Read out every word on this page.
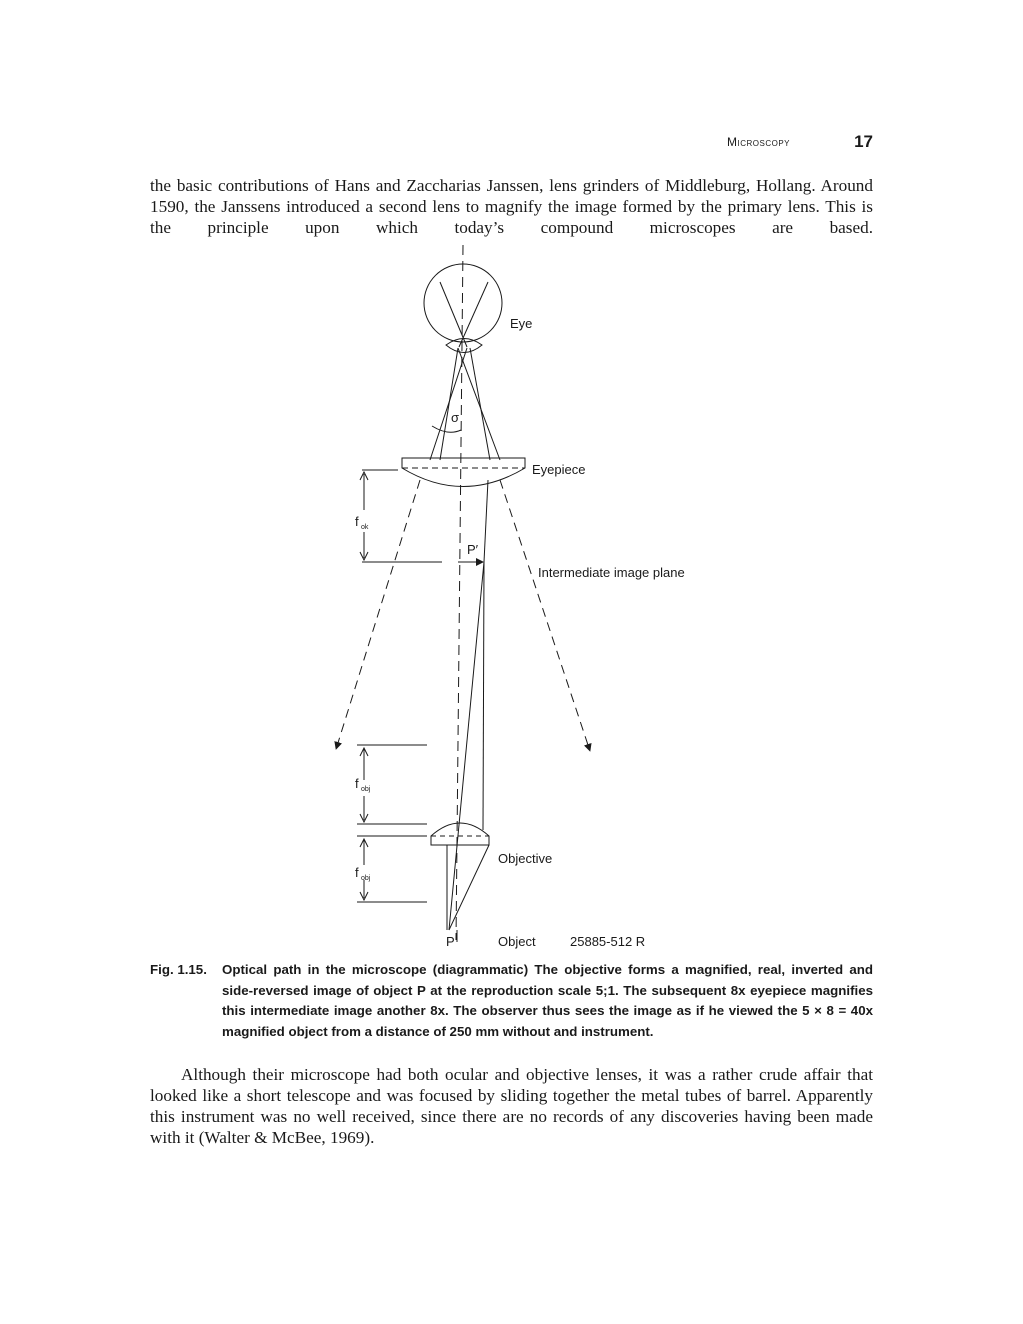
Microscopy	17
the basic contributions of Hans and Zaccharias Janssen, lens grinders of Middleburg, Hollang. Around 1590, the Janssens introduced a second lens to magnify the image formed by the primary lens. This is the principle upon which today’s compound microscopes are based.
Eye
σ
Eyepiece
f ok
P′
Intermediate image plane
f obj
Objective
f obj
P	Object	25885-512 R
Fig. 1.15. Optical path in the microscope (diagrammatic) The objective forms a magnified, real, inverted and side-reversed image of object P at the reproduction scale 5;1. The subsequent 8x eyepiece magnifies this intermediate image another 8x. The observer thus sees the image as if he viewed the 5 × 8 = 40x magnified object from a distance of 250 mm without and instrument.
Although their microscope had both ocular and objective lenses, it was a rather crude affair that looked like a short telescope and was focused by sliding together the metal tubes of barrel. Apparently this instrument was no well received, since there are no records of any discoveries having been made with it (Walter & McBee, 1969).
